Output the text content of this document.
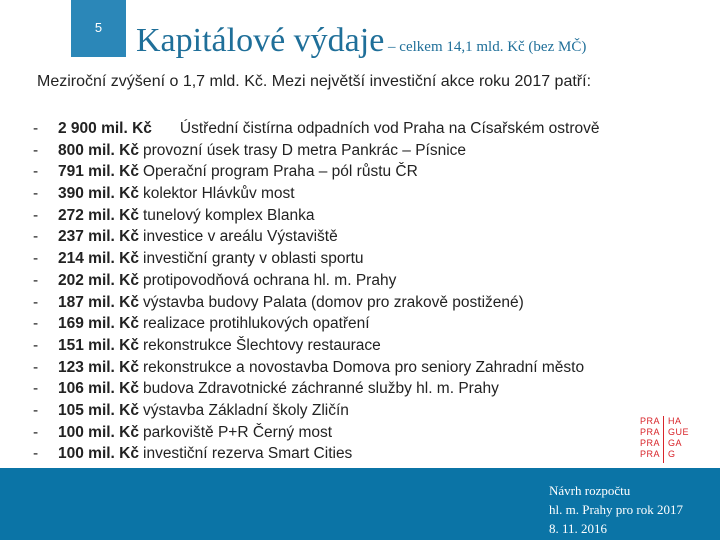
5 Kapitálové výdaje – celkem 14,1 mld. Kč (bez MČ)
Meziroční zvýšení o 1,7 mld. Kč. Mezi největší investiční akce roku 2017 patří:
-	2 900 mil. Kč Ústřední čistírna odpadních vod Praha na Císařském ostrově
-	800 mil. Kč provozní úsek trasy D metra Pankrác – Písnice
-	791 mil. Kč Operační program Praha – pól růstu ČR
-	390 mil. Kč kolektor Hlávkův most
-	272 mil. Kč tunelový komplex Blanka
-	237 mil. Kč investice v areálu Výstaviště
-	214 mil. Kč investiční granty v oblasti sportu
-	202 mil. Kč protipovodňová ochrana hl. m. Prahy
-	187 mil. Kč výstavba budovy Palata (domov pro zrakově postižené)
-	169 mil. Kč realizace protihlukových opatření
-	151 mil. Kč rekonstrukce Šlechtovy restaurace
-	123 mil. Kč rekonstrukce a novostavba Domova pro seniory Zahradní město
-	106 mil. Kč budova Zdravotnické záchranné služby hl. m. Prahy
-	105 mil. Kč výstavba Základní školy Zličín
-	100 mil. Kč parkoviště P+R Černý most
-	100 mil. Kč investiční rezerva Smart Cities
Návrh rozpočtu
hl. m. Prahy pro rok 2017
8. 11. 2016
PRA
PRA
PRA
PRA
HA
GUE
GA
G
